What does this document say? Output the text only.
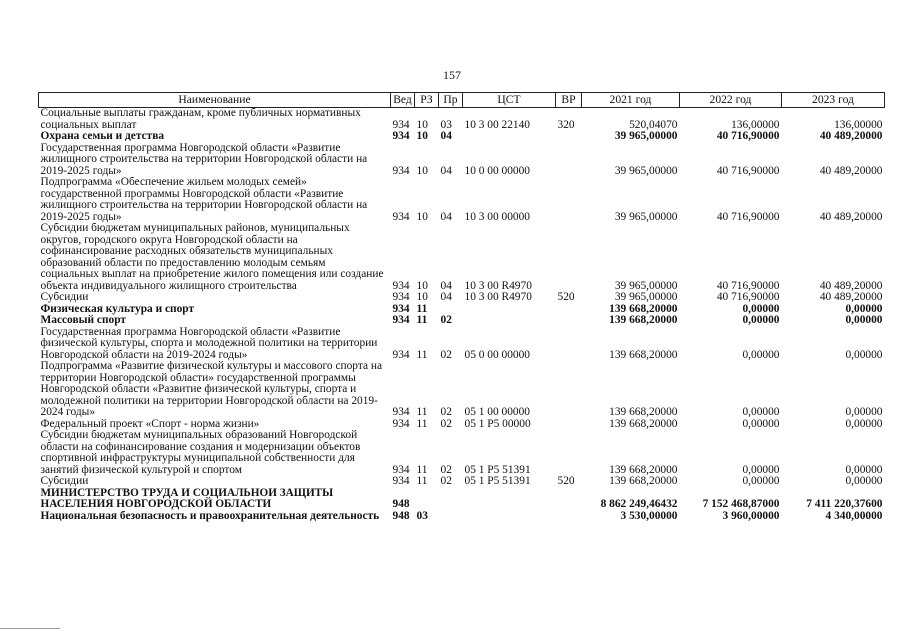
157
Наименование	Вед	РЗ	Пр	ЦСТ	ВР	2021 год	2022 год	2023 год
Социальные выплаты гражданам, кроме публичных нормативных социальных выплат	934	10	03	10 3 00 22140	320	520,04070	136,00000	136,00000
Охрана семьи и детства	934	10	04			39 965,00000	40 716,90000	40 489,20000
Государственная программа Новгородской области «Развитие жилищного строительства на территории Новгородской области на 2019-2025 годы»	934	10	04	10 0 00 00000		39 965,00000	40 716,90000	40 489,20000
Подпрограмма «Обеспечение жильем молодых семей» государственной программы Новгородской области «Развитие жилищного строительства на территории Новгородской области на 2019-2025 годы»	934	10	04	10 3 00 00000		39 965,00000	40 716,90000	40 489,20000
Субсидии бюджетам муниципальных районов, муниципальных округов, городского округа Новгородской области на софинансирование расходных обязательств муниципальных образований области по предоставлению молодым семьям социальных выплат на приобретение жилого помещения или создание объекта индивидуального жилищного строительства	934	10	04	10 3 00 R4970		39 965,00000	40 716,90000	40 489,20000
Субсидии	934	10	04	10 3 00 R4970	520	39 965,00000	40 716,90000	40 489,20000
Физическая культура и спорт	934	11				139 668,20000	0,00000	0,00000
Массовый спорт	934	11	02			139 668,20000	0,00000	0,00000
Государственная программа Новгородской области «Развитие физической культуры, спорта и молодежной политики на территории Новгородской области на 2019-2024 годы»	934	11	02	05 0 00 00000		139 668,20000	0,00000	0,00000
Подпрограмма «Развитие физической культуры и массового спорта на территории Новгородской области» государственной программы Новгородской области «Развитие физической культуры, спорта и молодежной политики на территории Новгородской области на 2019-2024 годы»	934	11	02	05 1 00 00000		139 668,20000	0,00000	0,00000
Федеральный проект «Спорт - норма жизни»	934	11	02	05 1 P5 00000		139 668,20000	0,00000	0,00000
Субсидии бюджетам муниципальных образований Новгородской области на софинансирование создания и модернизации объектов спортивной инфраструктуры муниципальной собственности для занятий физической культурой и спортом	934	11	02	05 1 P5 51391		139 668,20000	0,00000	0,00000
Субсидии	934	11	02	05 1 P5 51391	520	139 668,20000	0,00000	0,00000
МИНИСТЕРСТВО ТРУДА И СОЦИАЛЬНОЙ ЗАЩИТЫ НАСЕЛЕНИЯ НОВГОРОДСКОЙ ОБЛАСТИ	948					8 862 249,46432	7 152 468,87000	7 411 220,37600
Национальная безопасность и правоохранительная деятельность	948	03				3 530,00000	3 960,00000	4 340,00000
